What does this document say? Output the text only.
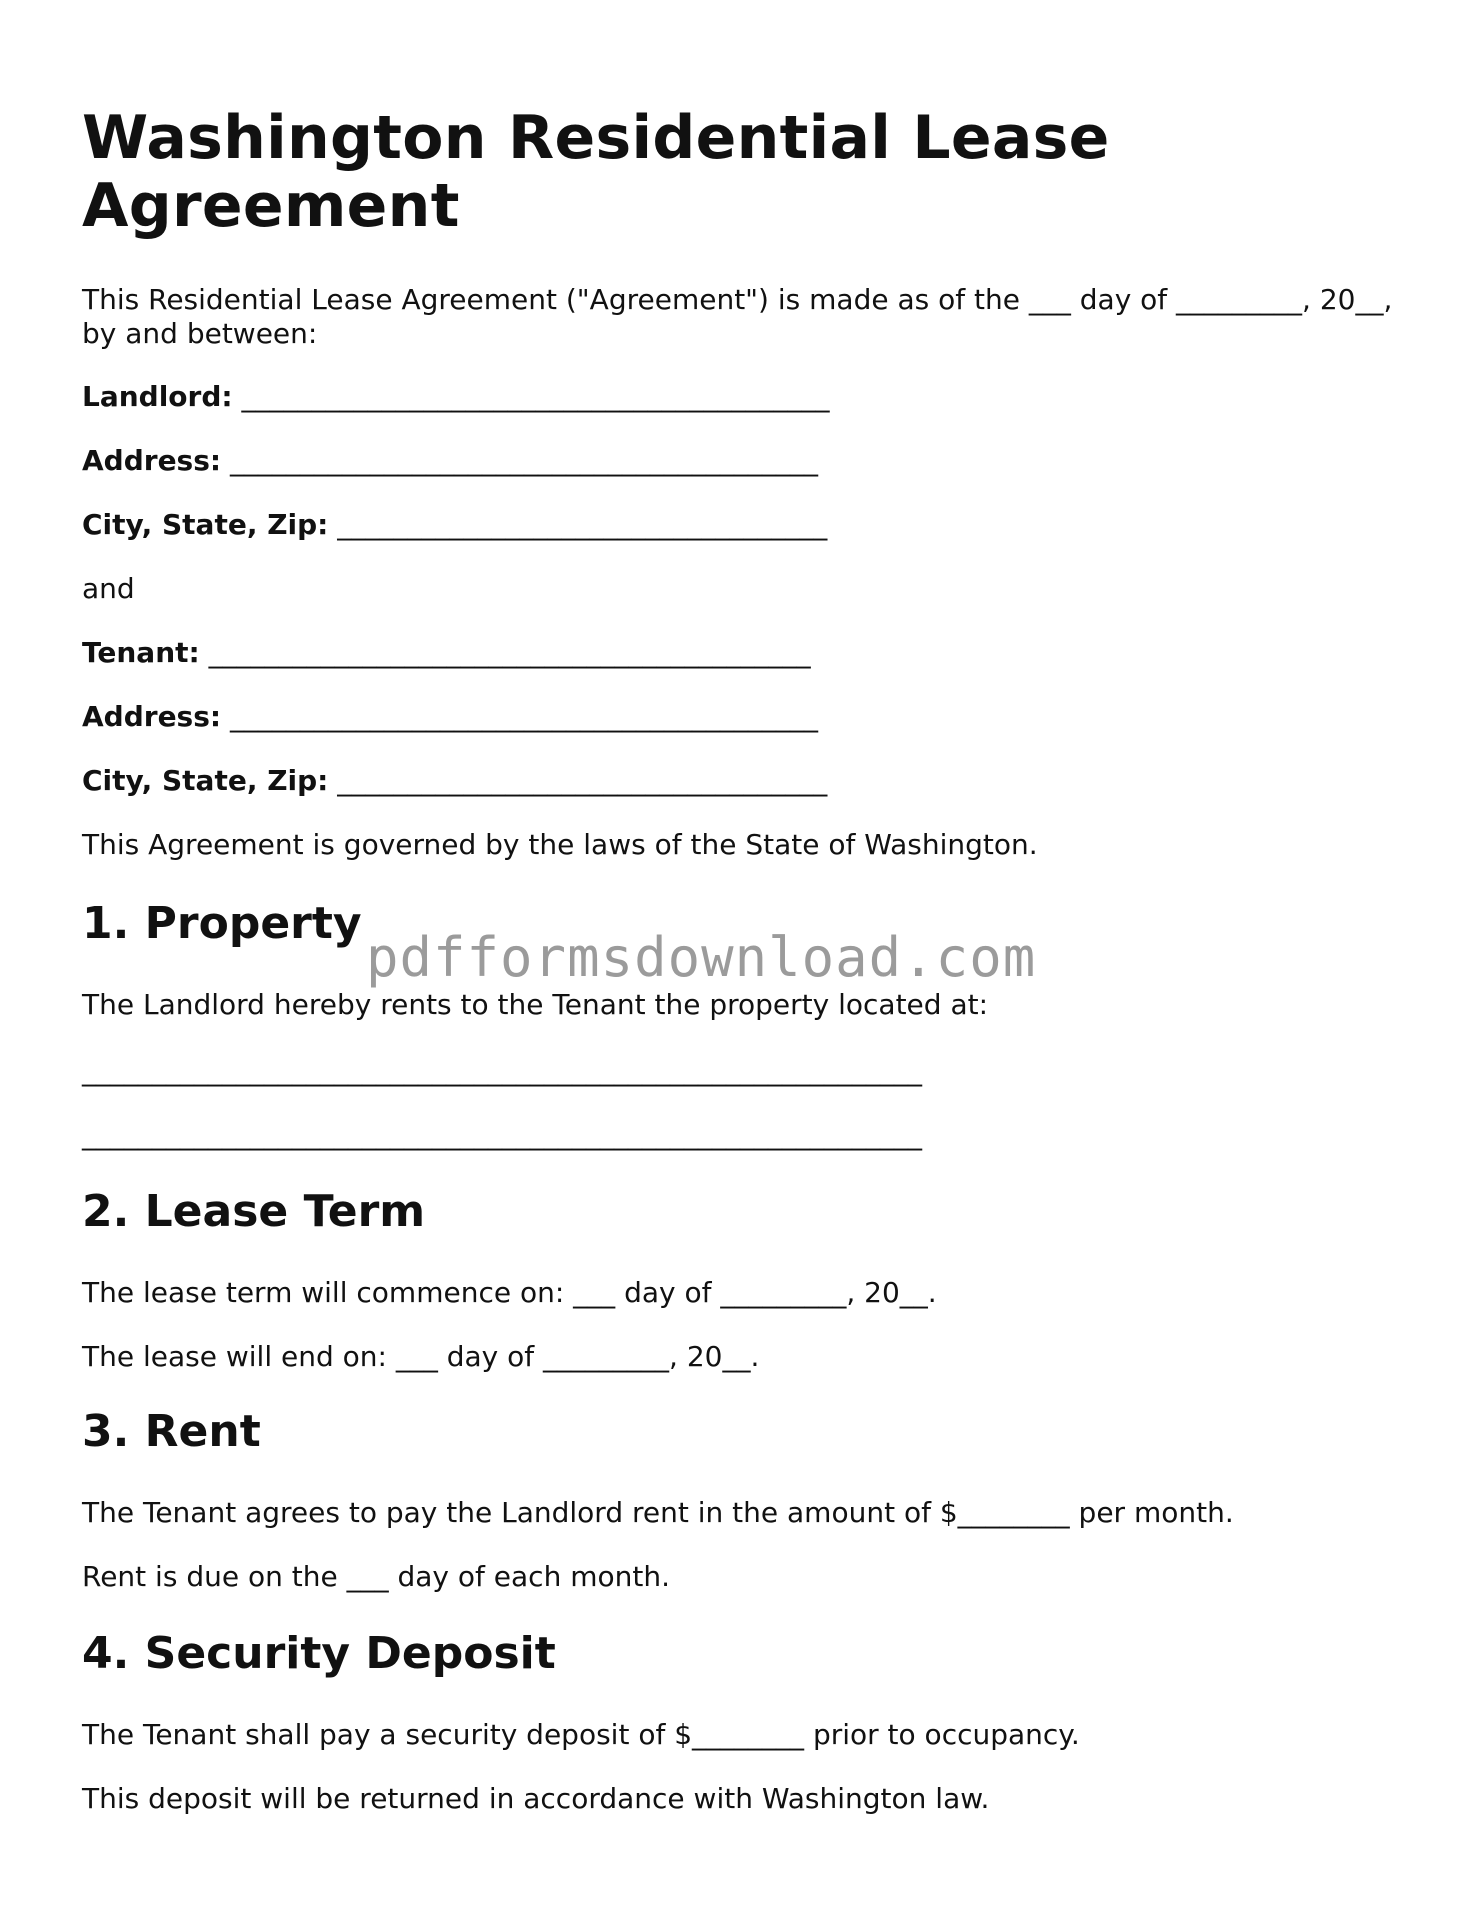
Washington Residential Lease Agreement

This Residential Lease Agreement ("Agreement") is made as of the ___ day of _________, 20__, by and between:

Landlord: __________________________________________

Address: __________________________________________

City, State, Zip: ___________________________________

and

Tenant: ___________________________________________

Address: __________________________________________

City, State, Zip: ___________________________________

This Agreement is governed by the laws of the State of Washington.

1. Property

The Landlord hereby rents to the Tenant the property located at:

____________________________________________________________

____________________________________________________________

2. Lease Term

The lease term will commence on: ___ day of _________, 20__.

The lease will end on: ___ day of _________, 20__.

3. Rent

The Tenant agrees to pay the Landlord rent in the amount of $________ per month.

Rent is due on the ___ day of each month.

4. Security Deposit

The Tenant shall pay a security deposit of $________ prior to occupancy.

This deposit will be returned in accordance with Washington law.

pdfformsdownload.com
